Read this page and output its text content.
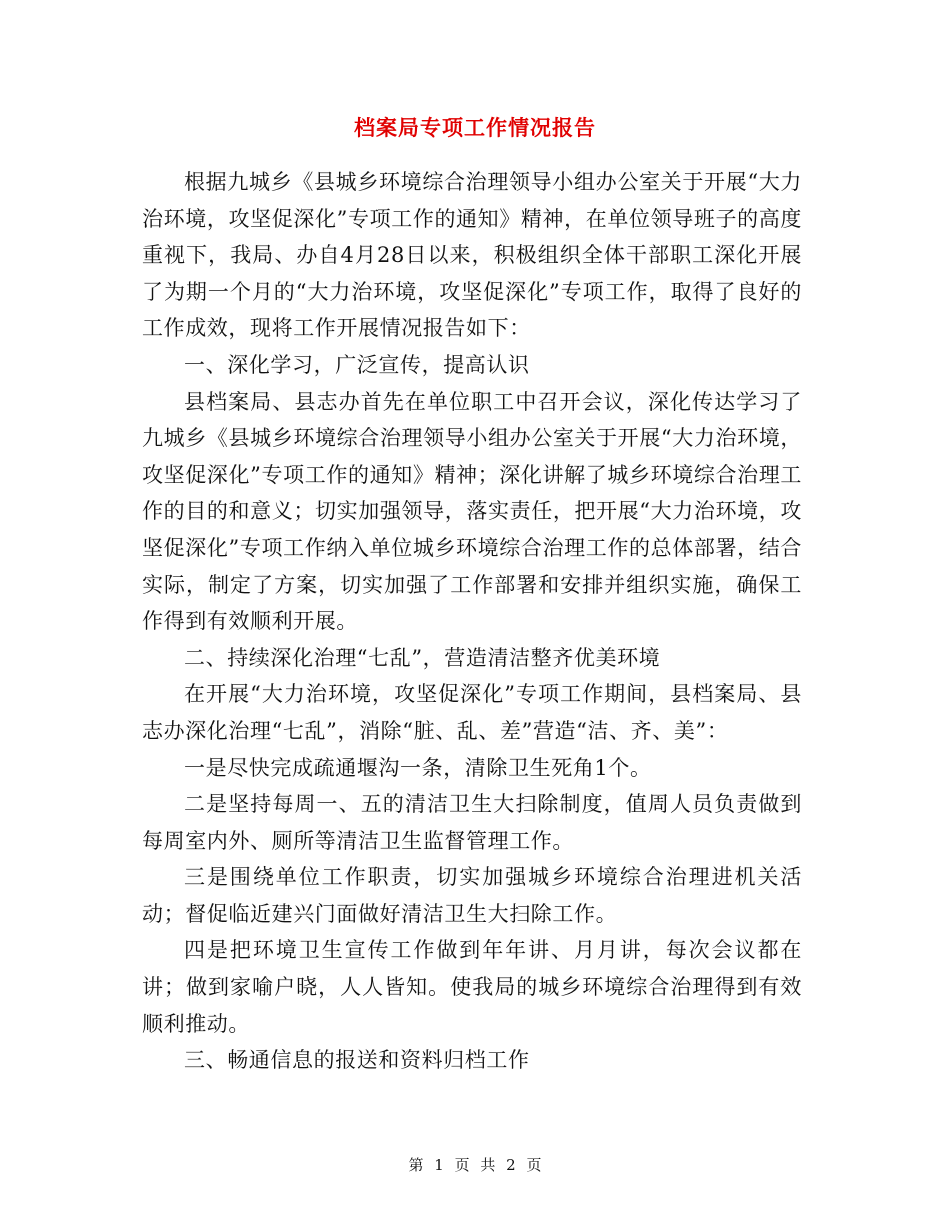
档案局专项工作情况报告

根据九城乡《县城乡环境综合治理领导小组办公室关于开展“大力治环境，攻坚促深化”专项工作的通知》精神，在单位领导班子的高度重视下，我局、办自4月28日以来，积极组织全体干部职工深化开展了为期一个月的“大力治环境，攻坚促深化”专项工作，取得了良好的工作成效，现将工作开展情况报告如下：

一、深化学习，广泛宣传，提高认识

县档案局、县志办首先在单位职工中召开会议，深化传达学习了九城乡《县城乡环境综合治理领导小组办公室关于开展“大力治环境，攻坚促深化”专项工作的通知》精神；深化讲解了城乡环境综合治理工作的目的和意义；切实加强领导，落实责任，把开展“大力治环境，攻坚促深化”专项工作纳入单位城乡环境综合治理工作的总体部署，结合实际，制定了方案，切实加强了工作部署和安排并组织实施，确保工作得到有效顺利开展。

二、持续深化治理“七乱”，营造清洁整齐优美环境

在开展“大力治环境，攻坚促深化”专项工作期间，县档案局、县志办深化治理“七乱”，消除“脏、乱、差”营造“洁、齐、美”：

一是尽快完成疏通堰沟一条，清除卫生死角1个。

二是坚持每周一、五的清洁卫生大扫除制度，值周人员负责做到每周室内外、厕所等清洁卫生监督管理工作。

三是围绕单位工作职责，切实加强城乡环境综合治理进机关活动；督促临近建兴门面做好清洁卫生大扫除工作。

四是把环境卫生宣传工作做到年年讲、月月讲，每次会议都在讲；做到家喻户晓，人人皆知。使我局的城乡环境综合治理得到有效顺利推动。

三、畅通信息的报送和资料归档工作

第 1 页 共 2 页
